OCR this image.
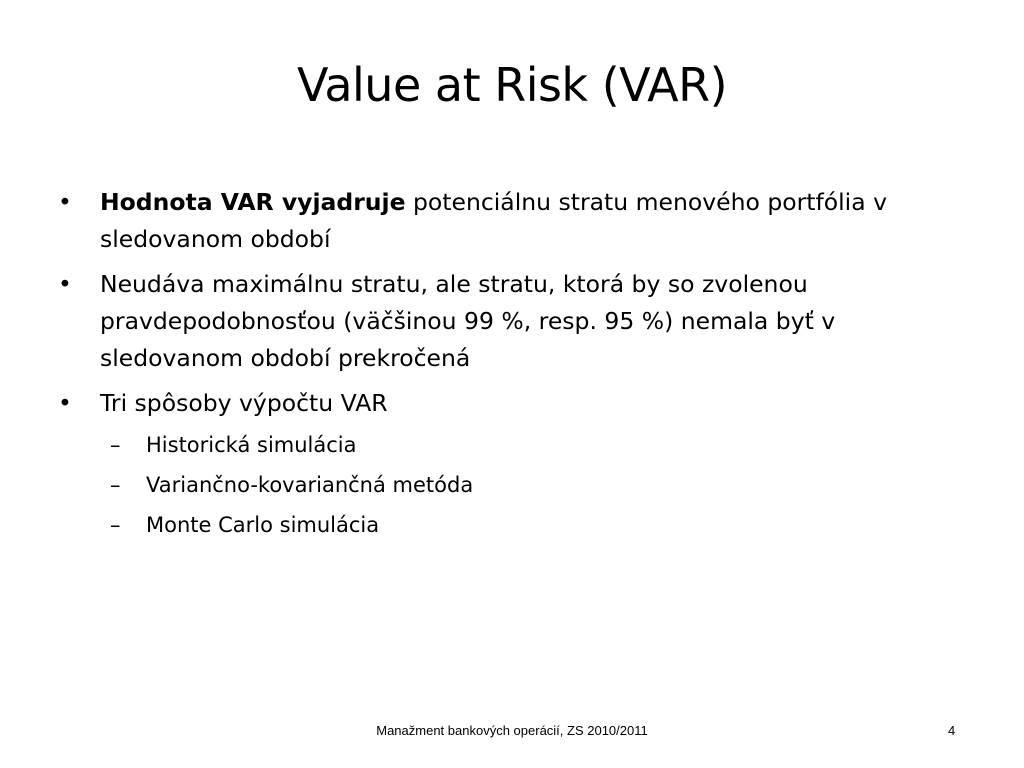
Value at Risk (VAR)
• Hodnota VAR vyjadruje potenciálnu stratu menového portfólia v sledovanom období
• Neudáva maximálnu stratu, ale stratu, ktorá by so zvolenou pravdepodobnosťou (väčšinou 99 %, resp. 95 %) nemala byť v sledovanom období prekročená
• Tri spôsoby výpočtu VAR
– Historická simulácia
– Variančno-kovariančná metóda
– Monte Carlo simulácia
Manažment bankových operácií, ZS 2010/2011	4
